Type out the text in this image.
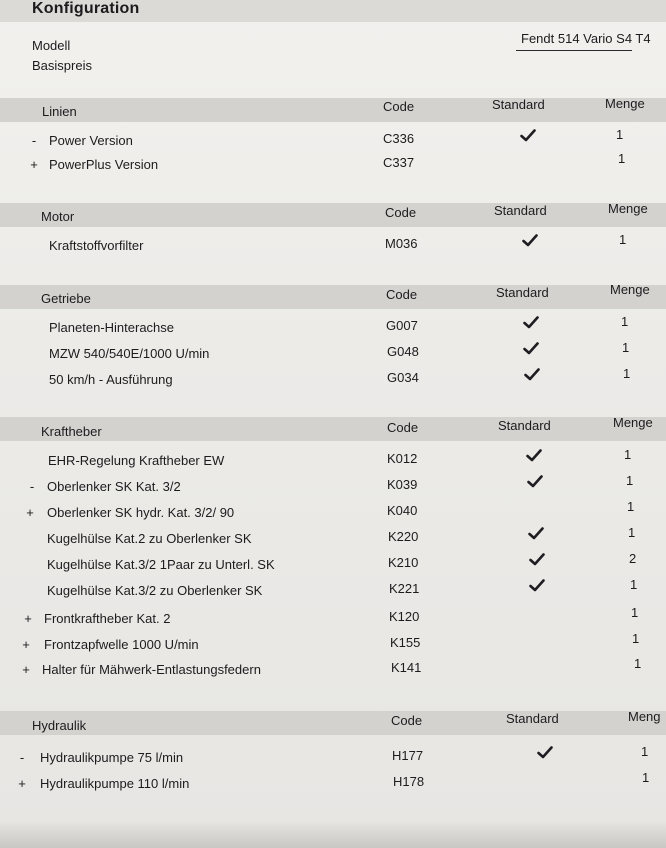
Konfiguration
Modell
Basispreis
Fendt 514 Vario S4 T4
Linien	Code	Standard	Menge
- Power Version	C336	1
+ PowerPlus Version	C337	1
Motor	Code	Standard	Menge
Kraftstoffvorfilter	M036	1
Getriebe	Code	Standard	Menge
Planeten-Hinterachse	G007	1
MZW 540/540E/1000 U/min	G048	1
50 km/h - Ausführung	G034	1
Kraftheber	Code	Standard	Menge
EHR-Regelung Kraftheber EW	K012	1
- Oberlenker SK Kat. 3/2	K039	1
+ Oberlenker SK hydr. Kat. 3/2/ 90	K040	1
Kugelhülse Kat.2 zu Oberlenker SK	K220	1
Kugelhülse Kat.3/2 1Paar zu Unterl. SK	K210	2
Kugelhülse Kat.3/2 zu Oberlenker SK	K221	1
+ Frontkraftheber Kat. 2	K120	1
+ Frontzapfwelle 1000 U/min	K155	1
+ Halter für Mähwerk-Entlastungsfedern	K141	1
Hydraulik	Code	Standard	Meng
- Hydraulikpumpe 75 l/min	H177	1
+ Hydraulikpumpe 110 l/min	H178	1
